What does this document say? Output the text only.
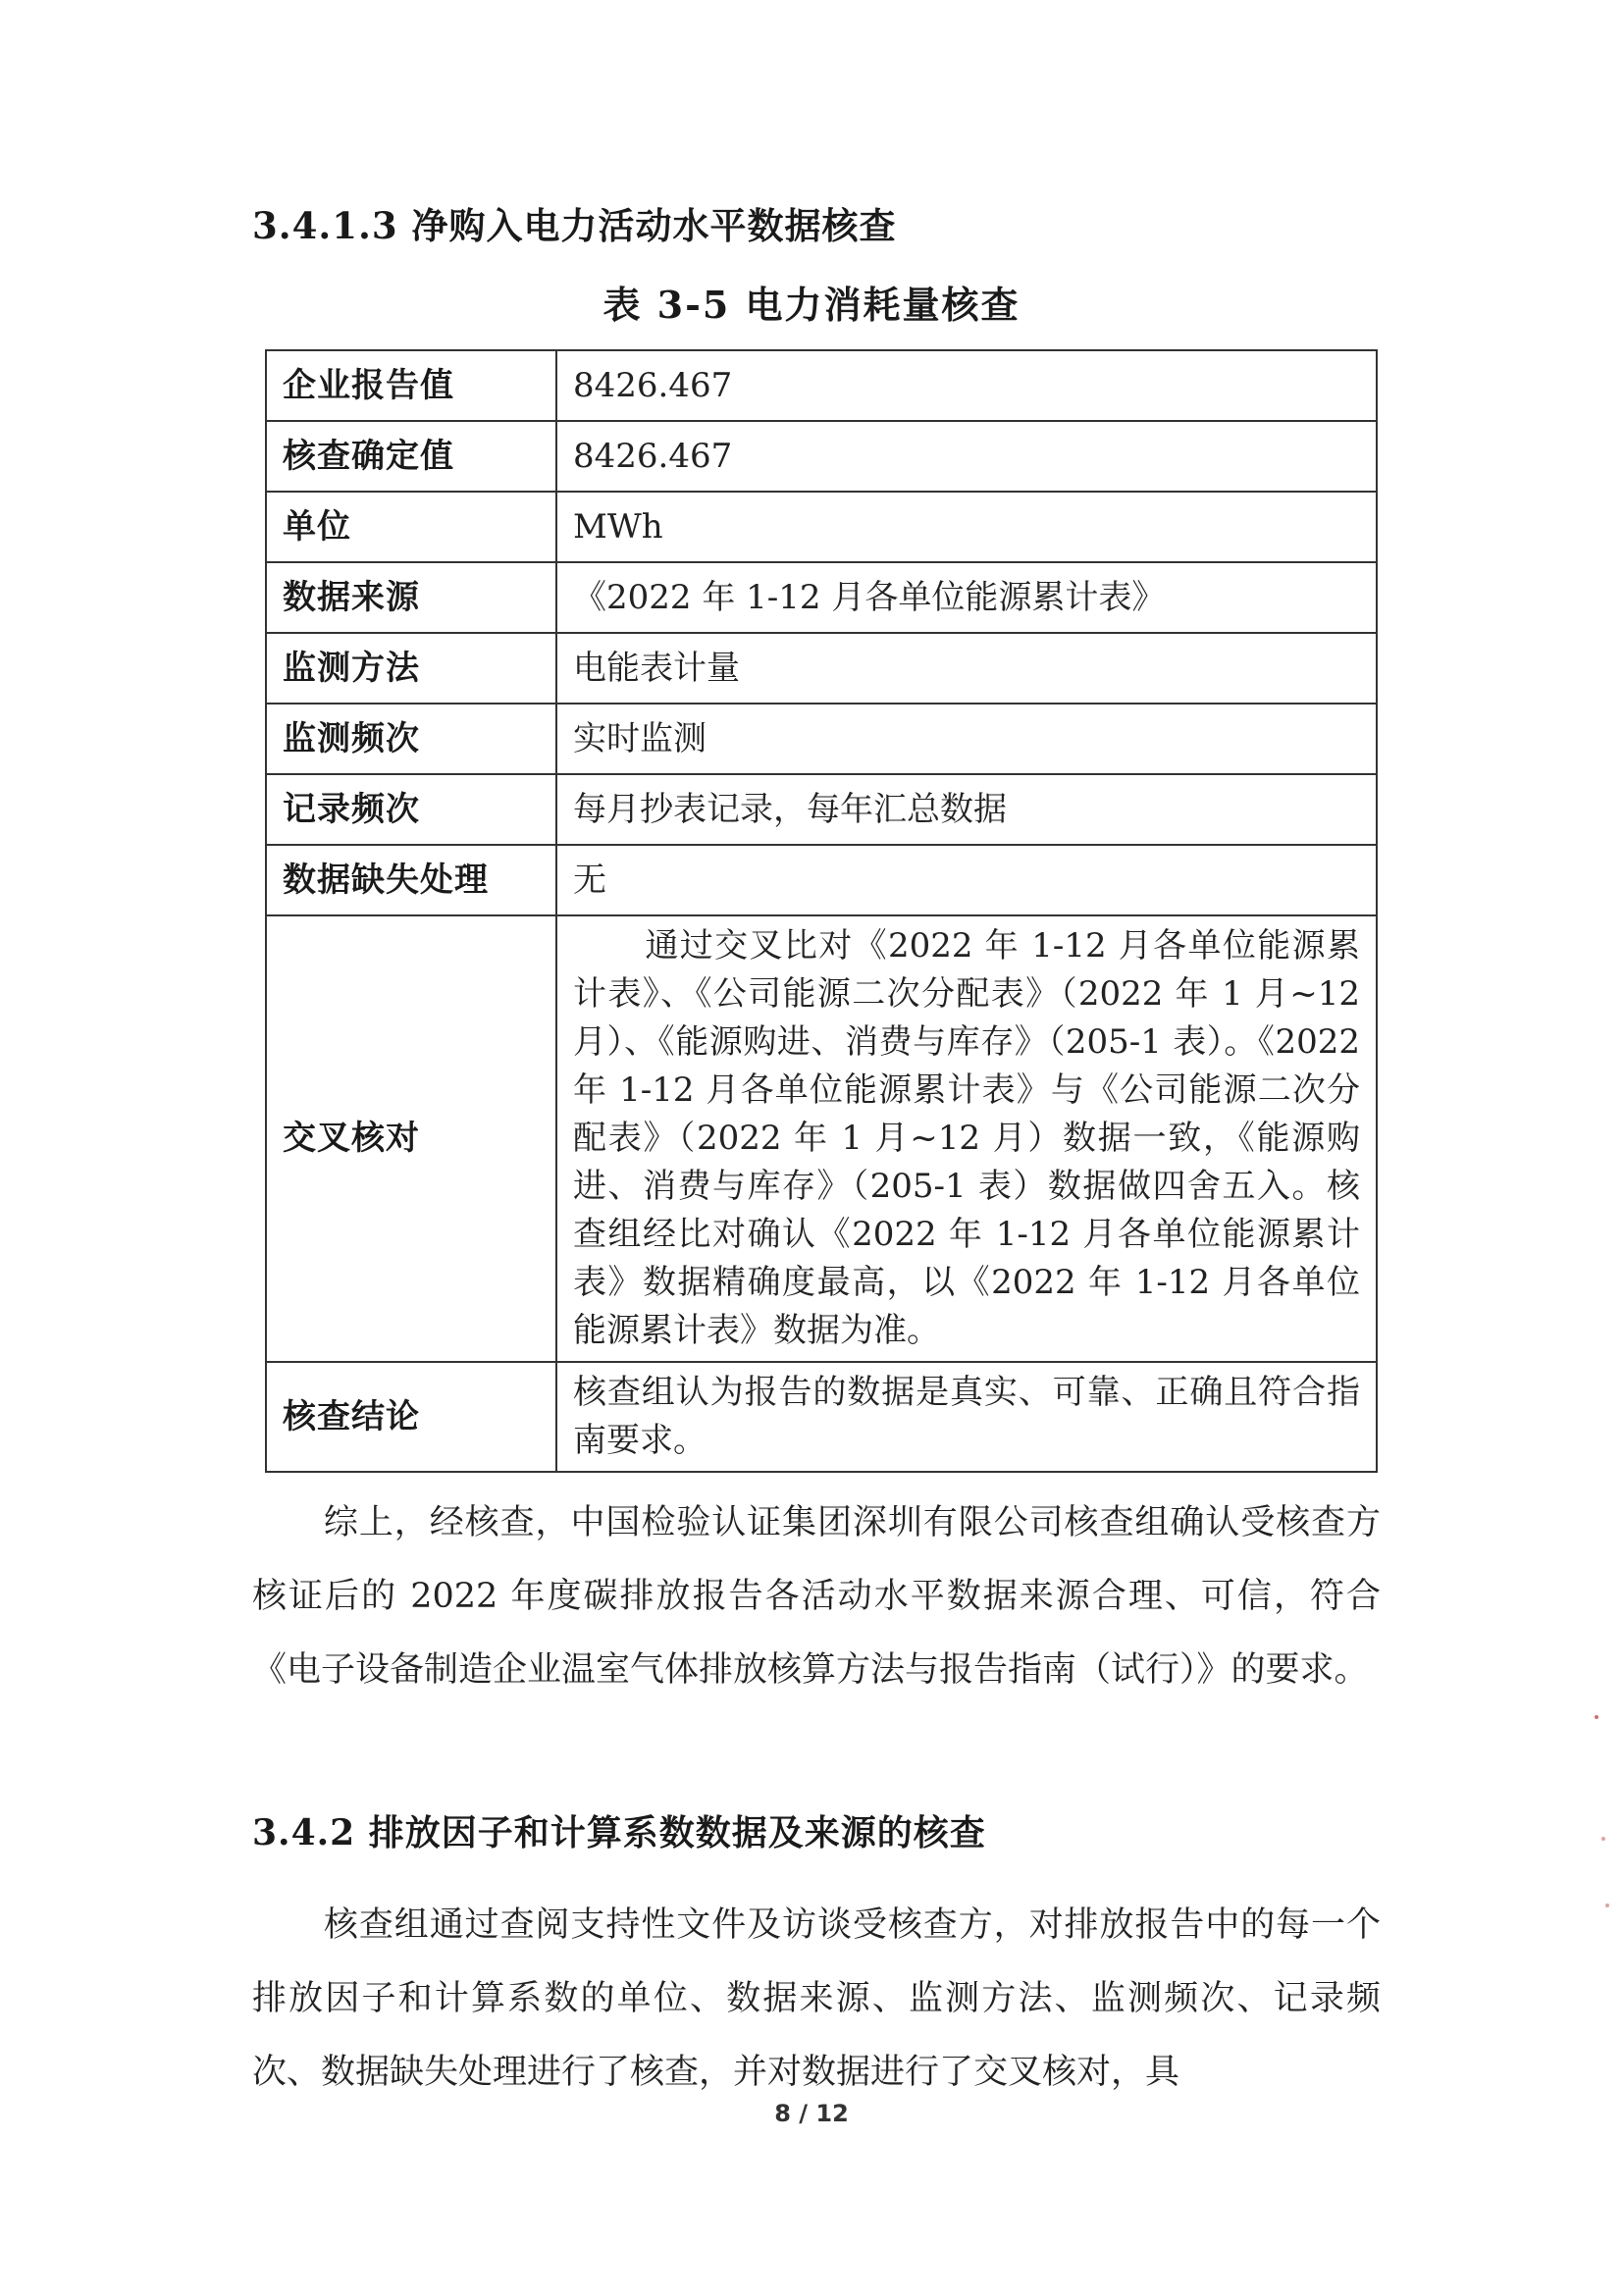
3.4.1.3 净购入电力活动水平数据核查
表 3-5 电力消耗量核查
企业报告值	8426.467
核查确定值	8426.467
单位	MWh
数据来源	《2022 年 1-12 月各单位能源累计表》
监测方法	电能表计量
监测频次	实时监测
记录频次	每月抄表记录，每年汇总数据
数据缺失处理	无
交叉核对	通过交叉比对《2022 年 1-12 月各单位能源累计表》、《公司能源二次分配表》（2022 年 1 月~12 月）、《能源购进、消费与库存》（205-1 表）。《2022 年 1-12 月各单位能源累计表》与《公司能源二次分配表》（2022 年 1 月~12 月）数据一致，《能源购进、消费与库存》（205-1 表）数据做四舍五入。核查组经比对确认《2022 年 1-12 月各单位能源累计表》数据精确度最高，以《2022 年 1-12 月各单位能源累计表》数据为准。
核查结论	核查组认为报告的数据是真实、可靠、正确且符合指南要求。
综上，经核查，中国检验认证集团深圳有限公司核查组确认受核查方核证后的 2022 年度碳排放报告各活动水平数据来源合理、可信，符合《电子设备制造企业温室气体排放核算方法与报告指南（试行）》的要求。
3.4.2 排放因子和计算系数数据及来源的核查
核查组通过查阅支持性文件及访谈受核查方，对排放报告中的每一个排放因子和计算系数的单位、数据来源、监测方法、监测频次、记录频次、数据缺失处理进行了核查，并对数据进行了交叉核对，具
8 / 12
